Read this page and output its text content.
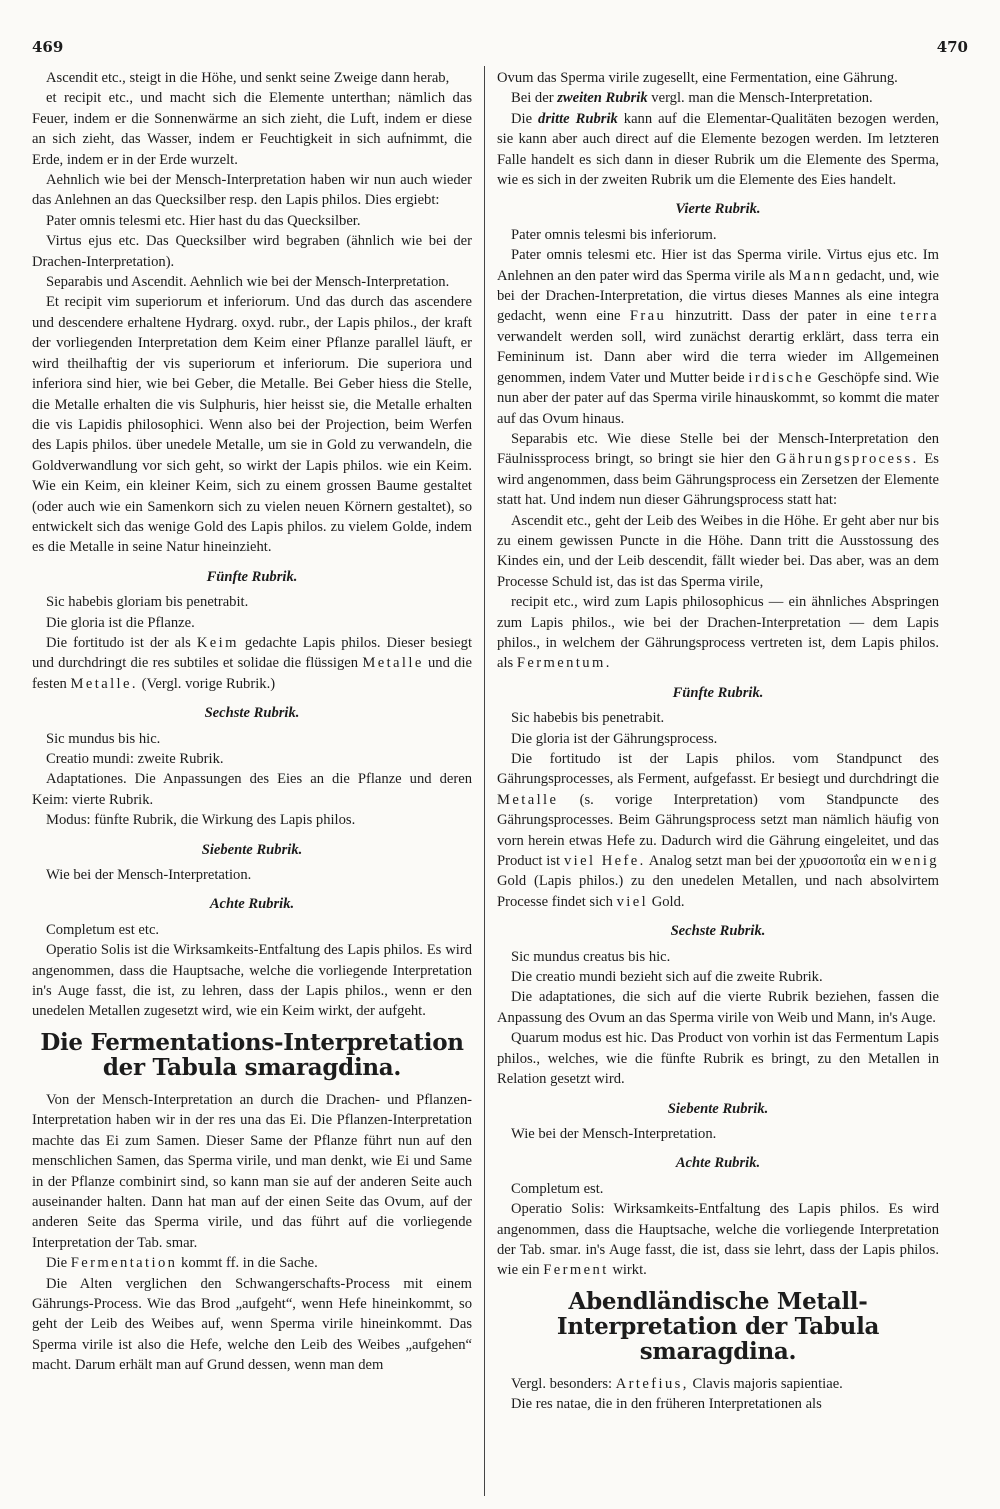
469	470

Ascendit etc., steigt in die Höhe, und senkt seine Zweige dann herab,

et recipit etc., und macht sich die Elemente unterthan; nämlich das Feuer, indem er die Sonnenwärme an sich zieht, die Luft, indem er diese an sich zieht, das Wasser, indem er Feuchtigkeit in sich aufnimmt, die Erde, indem er in der Erde wurzelt.

Aehnlich wie bei der Mensch-Interpretation haben wir nun auch wieder das Anlehnen an das Quecksilber resp. den Lapis philos. Dies ergiebt:

Pater omnis telesmi etc. Hier hast du das Quecksilber.

Virtus ejus etc. Das Quecksilber wird begraben (ähnlich wie bei der Drachen-Interpretation).

Separabis und Ascendit. Aehnlich wie bei der Mensch-Interpretation.

Et recipit vim superiorum et inferiorum. Und das durch das ascendere und descendere erhaltene Hydrarg. oxyd. rubr., der Lapis philos., der kraft der vorliegenden Interpretation dem Keim einer Pflanze parallel läuft, er wird theilhaftig der vis superiorum et inferiorum. Die superiora und inferiora sind hier, wie bei Geber, die Metalle. Bei Geber hiess die Stelle, die Metalle erhalten die vis Sulphuris, hier heisst sie, die Metalle erhalten die vis Lapidis philosophici. Wenn also bei der Projection, beim Werfen des Lapis philos. über unedele Metalle, um sie in Gold zu verwandeln, die Goldverwandlung vor sich geht, so wirkt der Lapis philos. wie ein Keim. Wie ein Keim, ein kleiner Keim, sich zu einem grossen Baume gestaltet (oder auch wie ein Samenkorn sich zu vielen neuen Körnern gestaltet), so entwickelt sich das wenige Gold des Lapis philos. zu vielem Golde, indem es die Metalle in seine Natur hineinzieht.

Fünfte Rubrik.

Sic habebis gloriam bis penetrabit.

Die gloria ist die Pflanze.

Die fortitudo ist der als Keim gedachte Lapis philos. Dieser besiegt und durchdringt die res subtiles et solidae die flüssigen Metalle und die festen Metalle. (Vergl. vorige Rubrik.)

Sechste Rubrik.

Sic mundus bis hic.

Creatio mundi: zweite Rubrik.

Adaptationes. Die Anpassungen des Eies an die Pflanze und deren Keim: vierte Rubrik.

Modus: fünfte Rubrik, die Wirkung des Lapis philos.

Siebente Rubrik.

Wie bei der Mensch-Interpretation.

Achte Rubrik.

Completum est etc.

Operatio Solis ist die Wirksamkeits-Entfaltung des Lapis philos. Es wird angenommen, dass die Hauptsache, welche die vorliegende Interpretation in's Auge fasst, die ist, zu lehren, dass der Lapis philos., wenn er den unedelen Metallen zugesetzt wird, wie ein Keim wirkt, der aufgeht.

Die Fermentations-Interpretation der Tabula smaragdina.

Von der Mensch-Interpretation an durch die Drachen- und Pflanzen-Interpretation haben wir in der res una das Ei. Die Pflanzen-Interpretation machte das Ei zum Samen. Dieser Same der Pflanze führt nun auf den menschlichen Samen, das Sperma virile, und man denkt, wie Ei und Same in der Pflanze combinirt sind, so kann man sie auf der anderen Seite auch auseinander halten. Dann hat man auf der einen Seite das Ovum, auf der anderen Seite das Sperma virile, und das führt auf die vorliegende Interpretation der Tab. smar.

Die Fermentation kommt ff. in die Sache.

Die Alten verglichen den Schwangerschafts-Process mit einem Gährungs-Process. Wie das Brod „aufgeht“, wenn Hefe hineinkommt, so geht der Leib des Weibes auf, wenn Sperma virile hineinkommt. Das Sperma virile ist also die Hefe, welche den Leib des Weibes „aufgehen“ macht. Darum erhält man auf Grund dessen, wenn man dem

Ovum das Sperma virile zugesellt, eine Fermentation, eine Gährung.

Bei der zweiten Rubrik vergl. man die Mensch-Interpretation.

Die dritte Rubrik kann auf die Elementar-Qualitäten bezogen werden, sie kann aber auch direct auf die Elemente bezogen werden. Im letzteren Falle handelt es sich dann in dieser Rubrik um die Elemente des Sperma, wie es sich in der zweiten Rubrik um die Elemente des Eies handelt.

Vierte Rubrik.

Pater omnis telesmi bis inferiorum.

Pater omnis telesmi etc. Hier ist das Sperma virile. Virtus ejus etc. Im Anlehnen an den pater wird das Sperma virile als Mann gedacht, und, wie bei der Drachen-Interpretation, die virtus dieses Mannes als eine integra gedacht, wenn eine Frau hinzutritt. Dass der pater in eine terra verwandelt werden soll, wird zunächst derartig erklärt, dass terra ein Femininum ist. Dann aber wird die terra wieder im Allgemeinen genommen, indem Vater und Mutter beide irdische Geschöpfe sind. Wie nun aber der pater auf das Sperma virile hinauskommt, so kommt die mater auf das Ovum hinaus.

Separabis etc. Wie diese Stelle bei der Mensch-Interpretation den Fäulnissprocess bringt, so bringt sie hier den Gährungsprocess. Es wird angenommen, dass beim Gährungsprocess ein Zersetzen der Elemente statt hat. Und indem nun dieser Gährungsprocess statt hat:

Ascendit etc., geht der Leib des Weibes in die Höhe. Er geht aber nur bis zu einem gewissen Puncte in die Höhe. Dann tritt die Ausstossung des Kindes ein, und der Leib descendit, fällt wieder bei. Das aber, was an dem Processe Schuld ist, das ist das Sperma virile,

recipit etc., wird zum Lapis philosophicus — ein ähnliches Abspringen zum Lapis philos., wie bei der Drachen-Interpretation — dem Lapis philos., in welchem der Gährungsprocess vertreten ist, dem Lapis philos. als Fermentum.

Fünfte Rubrik.

Sic habebis bis penetrabit.

Die gloria ist der Gährungsprocess.

Die fortitudo ist der Lapis philos. vom Standpunct des Gährungsprocesses, als Ferment, aufgefasst. Er besiegt und durchdringt die Metalle (s. vorige Interpretation) vom Standpuncte des Gährungsprocesses. Beim Gährungsprocess setzt man nämlich häufig von vorn herein etwas Hefe zu. Dadurch wird die Gährung eingeleitet, und das Product ist viel Hefe. Analog setzt man bei der χρυσοποιΐα ein wenig Gold (Lapis philos.) zu den unedelen Metallen, und nach absolvirtem Processe findet sich viel Gold.

Sechste Rubrik.

Sic mundus creatus bis hic.

Die creatio mundi bezieht sich auf die zweite Rubrik.

Die adaptationes, die sich auf die vierte Rubrik beziehen, fassen die Anpassung des Ovum an das Sperma virile von Weib und Mann, in's Auge.

Quarum modus est hic. Das Product von vorhin ist das Fermentum Lapis philos., welches, wie die fünfte Rubrik es bringt, zu den Metallen in Relation gesetzt wird.

Siebente Rubrik.

Wie bei der Mensch-Interpretation.

Achte Rubrik.

Completum est.

Operatio Solis: Wirksamkeits-Entfaltung des Lapis philos. Es wird angenommen, dass die Hauptsache, welche die vorliegende Interpretation der Tab. smar. in's Auge fasst, die ist, dass sie lehrt, dass der Lapis philos. wie ein Ferment wirkt.

Abendländische Metall-Interpretation der Tabula smaragdina.

Vergl. besonders: Artefius, Clavis majoris sapientiae.

Die res natae, die in den früheren Interpretationen als
